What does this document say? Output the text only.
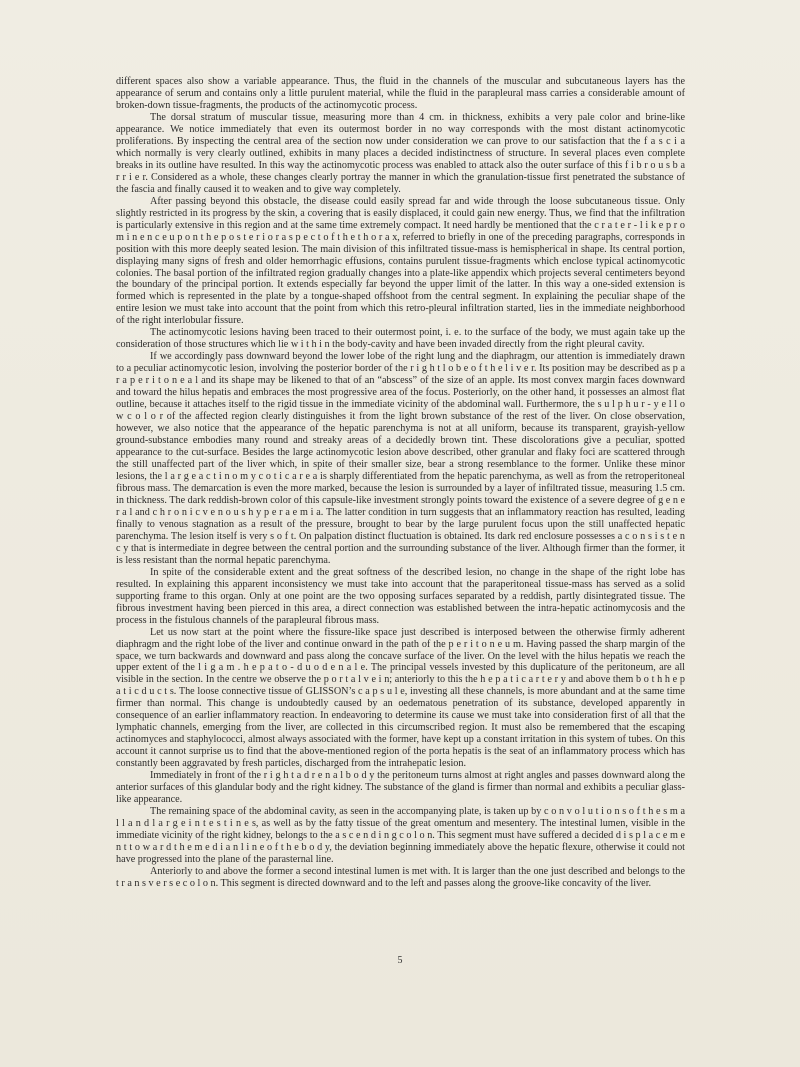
different spaces also show a variable appearance. Thus, the fluid in the channels of the muscular and subcutaneous layers has the appearance of serum and contains only a little purulent material, while the fluid in the parapleural mass carries a considerable amount of broken-down tissue-fragments, the products of the actinomycotic process.

The dorsal stratum of muscular tissue, measuring more than 4 cm. in thickness, exhibits a very pale color and brine-like appearance. We notice immediately that even its outermost border in no way corresponds with the most distant actinomycotic proliferations. By inspecting the central area of the section now under consideration we can prove to our satisfaction that the f a s c i a which normally is very clearly outlined, exhibits in many places a decided indistinctness of structure. In several places even complete breaks in its outline have resulted. In this way the actinomycotic process was enabled to attack also the outer surface of this f i b r o u s b a r r i e r. Considered as a whole, these changes clearly portray the manner in which the granulation-tissue first penetrated the substance of the fascia and finally caused it to weaken and to give way completely.

After passing beyond this obstacle, the disease could easily spread far and wide through the loose subcutaneous tissue. Only slightly restricted in its progress by the skin, a covering that is easily displaced, it could gain new energy. Thus, we find that the infiltration is particularly extensive in this region and at the same time extremely compact. It need hardly be mentioned that the c r a t e r - l i k e p r o m i n e n c e u p o n t h e p o s t e r i o r a s p e c t o f t h e t h o r a x, referred to briefly in one of the preceding paragraphs, corresponds in position with this more deeply seated lesion. The main division of this infiltrated tissue-mass is hemispherical in shape. Its central portion, displaying many signs of fresh and older hemorrhagic effusions, contains purulent tissue-fragments which enclose typical actinomycotic colonies. The basal portion of the infiltrated region gradually changes into a plate-like appendix which projects several centimeters beyond the boundary of the principal portion. It extends especially far beyond the upper limit of the latter. In this way a one-sided extension is formed which is represented in the plate by a tongue-shaped offshoot from the central segment. In explaining the peculiar shape of the entire lesion we must take into account that the point from which this retro-pleural infiltration started, lies in the immediate neighborhood of the right interlobular fissure.

The actinomycotic lesions having been traced to their outermost point, i. e. to the surface of the body, we must again take up the consideration of those structures which lie w i t h i n the body-cavity and have been invaded directly from the right pleural cavity.

If we accordingly pass downward beyond the lower lobe of the right lung and the diaphragm, our attention is immediately drawn to a peculiar actinomycotic lesion, involving the posterior border of the r i g h t l o b e o f t h e l i v e r. Its position may be described as p a r a p e r i t o n e a l and its shape may be likened to that of an “abscess” of the size of an apple. Its most convex margin faces downward and toward the hilus hepatis and embraces the most progressive area of the focus. Posteriorly, on the other hand, it possesses an almost flat outline, because it attaches itself to the rigid tissue in the immediate vicinity of the abdominal wall. Furthermore, the s u l p h u r - y e l l o w c o l o r of the affected region clearly distinguishes it from the light brown substance of the rest of the liver. On close observation, however, we also notice that the appearance of the hepatic parenchyma is not at all uniform, because its transparent, grayish-yellow ground-substance embodies many round and streaky areas of a decidedly brown tint. These discolorations give a peculiar, spotted appearance to the cut-surface. Besides the large actinomycotic lesion above described, other granular and flaky foci are scattered through the still unaffected part of the liver which, in spite of their smaller size, bear a strong resemblance to the former. Unlike these minor lesions, the l a r g e a c t i n o m y c o t i c a r e a is sharply differentiated from the hepatic parenchyma, as well as from the retroperitoneal fibrous mass. The demarcation is even the more marked, because the lesion is surrounded by a layer of infiltrated tissue, measuring 1.5 cm. in thickness. The dark reddish-brown color of this capsule-like investment strongly points toward the existence of a severe degree of g e n e r a l and c h r o n i c v e n o u s h y p e r a e m i a. The latter condition in turn suggests that an inflammatory reaction has resulted, leading finally to venous stagnation as a result of the pressure, brought to bear by the large purulent focus upon the still unaffected hepatic parenchyma. The lesion itself is very s o f t. On palpation distinct fluctuation is obtained. Its dark red enclosure possesses a c o n s i s t e n c y that is intermediate in degree between the central portion and the surrounding substance of the liver. Although firmer than the former, it is less resistant than the normal hepatic parenchyma.

In spite of the considerable extent and the great softness of the described lesion, no change in the shape of the right lobe has resulted. In explaining this apparent inconsistency we must take into account that the paraperitoneal tissue-mass has served as a solid supporting frame to this organ. Only at one point are the two opposing surfaces separated by a reddish, partly disintegrated tissue. The fibrous investment having been pierced in this area, a direct connection was established between the intra-hepatic actinomycosis and the process in the fistulous channels of the parapleural fibrous mass.

Let us now start at the point where the fissure-like space just described is interposed between the otherwise firmly adherent diaphragm and the right lobe of the liver and continue onward in the path of the p e r i t o n e u m. Having passed the sharp margin of the space, we turn backwards and downward and pass along the concave surface of the liver. On the level with the hilus hepatis we reach the upper extent of the l i g a m . h e p a t o - d u o d e n a l e. The principal vessels invested by this duplicature of the peritoneum, are all visible in the section. In the centre we observe the p o r t a l v e i n; anteriorly to this the h e p a t i c a r t e r y and above them b o t h h e p a t i c d u c t s. The loose connective tissue of GLISSON’s c a p s u l e, investing all these channels, is more abundant and at the same time firmer than normal. This change is undoubtedly caused by an oedematous penetration of its substance, developed apparently in consequence of an earlier inflammatory reaction. In endeavoring to determine its cause we must take into consideration first of all that the lymphatic channels, emerging from the liver, are collected in this circumscribed region. It must also be remembered that the escaping actinomyces and staphylococci, almost always associated with the former, have kept up a constant irritation in this system of tubes. On this account it cannot surprise us to find that the above-mentioned region of the porta hepatis is the seat of an inflammatory process which has constantly been aggravated by fresh particles, discharged from the intrahepatic lesion.

Immediately in front of the r i g h t a d r e n a l b o d y the peritoneum turns almost at right angles and passes downward along the anterior surfaces of this glandular body and the right kidney. The substance of the gland is firmer than normal and exhibits a peculiar glass-like appearance.

The remaining space of the abdominal cavity, as seen in the accompanying plate, is taken up by c o n v o l u t i o n s o f t h e s m a l l a n d l a r g e i n t e s t i n e s, as well as by the fatty tissue of the great omentum and mesentery. The intestinal lumen, visible in the immediate vicinity of the right kidney, belongs to the a s c e n d i n g c o l o n. This segment must have suffered a decided d i s p l a c e m e n t t o w a r d t h e m e d i a n l i n e o f t h e b o d y, the deviation beginning immediately above the hepatic flexure, otherwise it could not have progressed into the plane of the parasternal line.

Anteriorly to and above the former a second intestinal lumen is met with. It is larger than the one just described and belongs to the t r a n s v e r s e c o l o n. This segment is directed downward and to the left and passes along the groove-like concavity of the liver.

5
